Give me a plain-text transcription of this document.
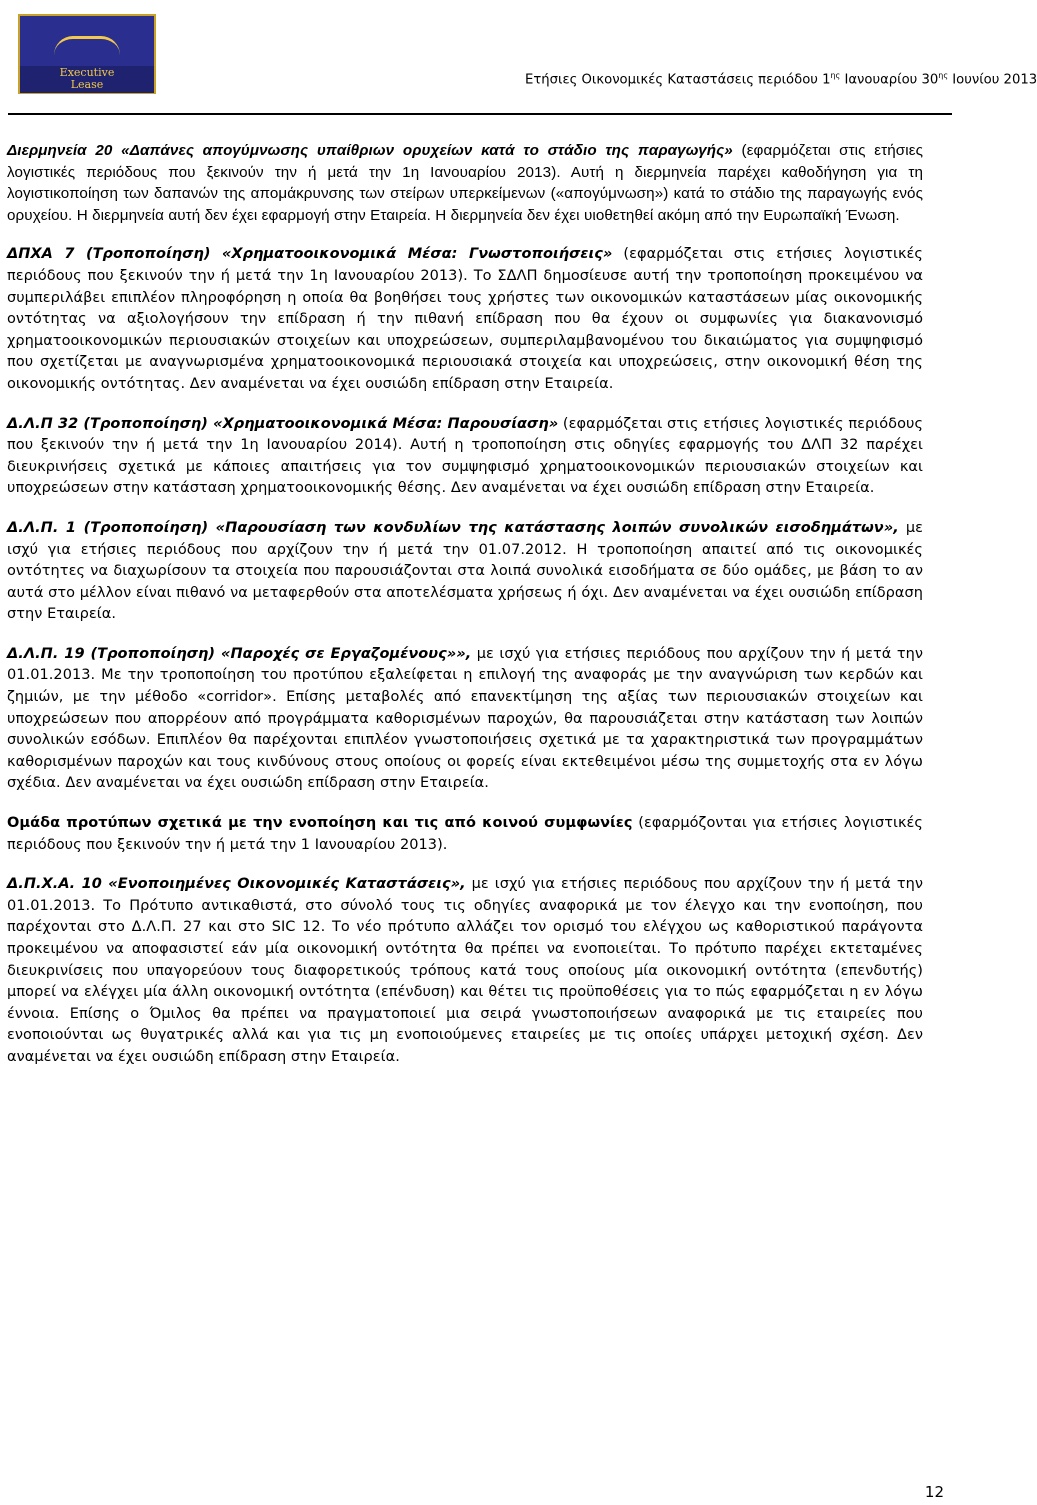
Executive
Lease	Ετήσιες Οικονομικές Καταστάσεις περιόδου $1^{\eta\varsigma}$ Ιανουαρίου $30^{\eta\varsigma}$ Ιουνίου 2013

Διερμηνεία 20 «Δαπάνες απογύμνωσης υπαίθριων ορυχείων κατά το στάδιο της παραγωγής» (εφαρμόζεται στις ετήσιες λογιστικές περιόδους που ξεκινούν την ή μετά την 1η Ιανουαρίου 2013). Αυτή η διερμηνεία παρέχει καθοδήγηση για τη λογιστικοποίηση των δαπανών της απομάκρυνσης των στείρων υπερκείμενων («απογύμνωση») κατά το στάδιο της παραγωγής ενός ορυχείου. Η διερμηνεία αυτή δεν έχει εφαρμογή στην Εταιρεία. Η διερμηνεία δεν έχει υιοθετηθεί ακόμη από την Ευρωπαϊκή Ένωση.

ΔΠΧΑ 7 (Τροποποίηση) «Χρηματοοικονομικά Μέσα: Γνωστοποιήσεις» (εφαρμόζεται στις ετήσιες λογιστικές περιόδους που ξεκινούν την ή μετά την 1η Ιανουαρίου 2013). Το ΣΔΛΠ δημοσίευσε αυτή την τροποποίηση προκειμένου να συμπεριλάβει επιπλέον πληροφόρηση η οποία θα βοηθήσει τους χρήστες των οικονομικών καταστάσεων μίας οικονομικής οντότητας να αξιολογήσουν την επίδραση ή την πιθανή επίδραση που θα έχουν οι συμφωνίες για διακανονισμό χρηματοοικονομικών περιουσιακών στοιχείων και υποχρεώσεων, συμπεριλαμβανομένου του δικαιώματος για συμψηφισμό που σχετίζεται με αναγνωρισμένα χρηματοοικονομικά περιουσιακά στοιχεία και υποχρεώσεις, στην οικονομική θέση της οικονομικής οντότητας. Δεν αναμένεται να έχει ουσιώδη επίδραση στην Εταιρεία.

Δ.Λ.Π 32 (Τροποποίηση) «Χρηματοοικονομικά Μέσα: Παρουσίαση» (εφαρμόζεται στις ετήσιες λογιστικές περιόδους που ξεκινούν την ή μετά την 1η Ιανουαρίου 2014). Αυτή η τροποποίηση στις οδηγίες εφαρμογής του ΔΛΠ 32 παρέχει διευκρινήσεις σχετικά με κάποιες απαιτήσεις για τον συμψηφισμό χρηματοοικονομικών περιουσιακών στοιχείων και υποχρεώσεων στην κατάσταση χρηματοοικονομικής θέσης. Δεν αναμένεται να έχει ουσιώδη επίδραση στην Εταιρεία.

Δ.Λ.Π. 1 (Τροποποίηση) «Παρουσίαση των κονδυλίων της κατάστασης λοιπών συνολικών εισοδημάτων», με ισχύ για ετήσιες περιόδους που αρχίζουν την ή μετά την 01.07.2012. Η τροποποίηση απαιτεί από τις οικονομικές οντότητες να διαχωρίσουν τα στοιχεία που παρουσιάζονται στα λοιπά συνολικά εισοδήματα σε δύο ομάδες, με βάση το αν αυτά στο μέλλον είναι πιθανό να μεταφερθούν στα αποτελέσματα χρήσεως ή όχι. Δεν αναμένεται να έχει ουσιώδη επίδραση στην Εταιρεία.

Δ.Λ.Π. 19 (Τροποποίηση) «Παροχές σε Εργαζομένους»», με ισχύ για ετήσιες περιόδους που αρχίζουν την ή μετά την 01.01.2013. Με την τροποποίηση του προτύπου εξαλείφεται η επιλογή της αναφοράς με την αναγνώριση των κερδών και ζημιών, με την μέθοδο «corridor». Επίσης μεταβολές από επανεκτίμηση της αξίας των περιουσιακών στοιχείων και υποχρεώσεων που απορρέουν από προγράμματα καθορισμένων παροχών, θα παρουσιάζεται στην κατάσταση των λοιπών συνολικών εσόδων. Επιπλέον θα παρέχονται επιπλέον γνωστοποιήσεις σχετικά με τα χαρακτηριστικά των προγραμμάτων καθορισμένων παροχών και τους κινδύνους στους οποίους οι φορείς είναι εκτεθειμένοι μέσω της συμμετοχής στα εν λόγω σχέδια. Δεν αναμένεται να έχει ουσιώδη επίδραση στην Εταιρεία.

Ομάδα προτύπων σχετικά με την ενοποίηση και τις από κοινού συμφωνίες (εφαρμόζονται για ετήσιες λογιστικές περιόδους που ξεκινούν την ή μετά την 1 Ιανουαρίου 2013).

Δ.Π.Χ.Α. 10 «Ενοποιημένες Οικονομικές Καταστάσεις», με ισχύ για ετήσιες περιόδους που αρχίζουν την ή μετά την 01.01.2013. Το Πρότυπο αντικαθιστά, στο σύνολό τους τις οδηγίες αναφορικά με τον έλεγχο και την ενοποίηση, που παρέχονται στο Δ.Λ.Π. 27 και στο SIC 12. Το νέο πρότυπο αλλάζει τον ορισμό του ελέγχου ως καθοριστικού παράγοντα προκειμένου να αποφασιστεί εάν μία οικονομική οντότητα θα πρέπει να ενοποιείται. Το πρότυπο παρέχει εκτεταμένες διευκρινίσεις που υπαγορεύουν τους διαφορετικούς τρόπους κατά τους οποίους μία οικονομική οντότητα (επενδυτής) μπορεί να ελέγχει μία άλλη οικονομική οντότητα (επένδυση) και θέτει τις προϋποθέσεις για το πώς εφαρμόζεται η εν λόγω έννοια. Επίσης ο Όμιλος θα πρέπει να πραγματοποιεί μια σειρά γνωστοποιήσεων αναφορικά με τις εταιρείες που ενοποιούνται ως θυγατρικές αλλά και για τις μη ενοποιούμενες εταιρείες με τις οποίες υπάρχει μετοχική σχέση. Δεν αναμένεται να έχει ουσιώδη επίδραση στην Εταιρεία.

12
